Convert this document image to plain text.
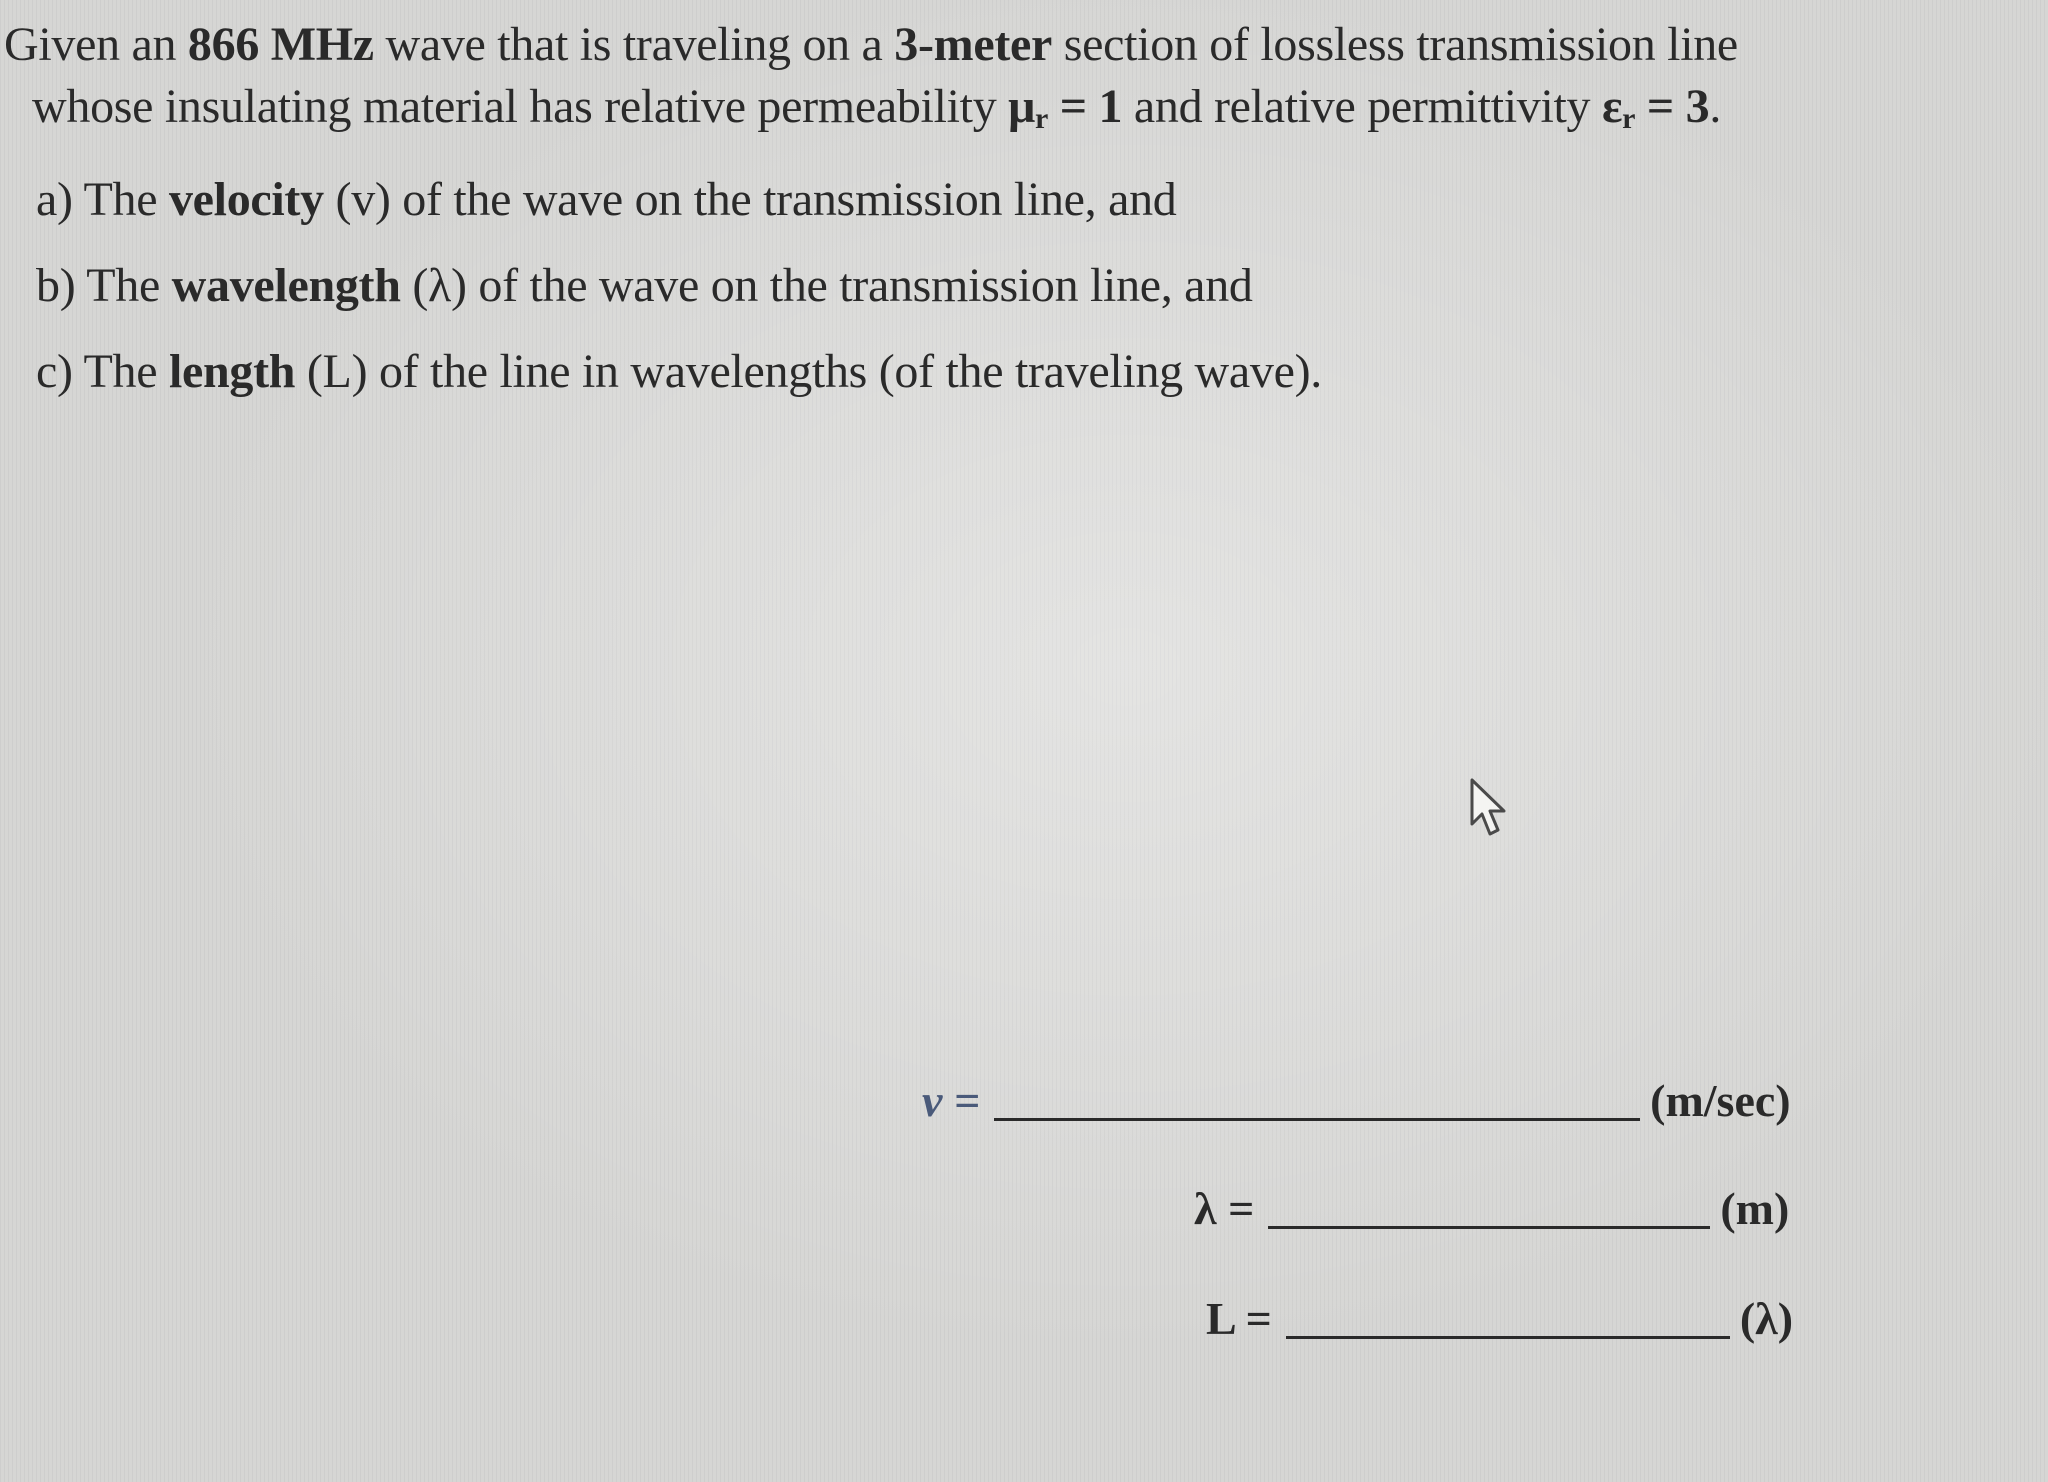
Given an 866 MHz wave that is traveling on a 3-meter section of lossless transmission line
whose insulating material has relative permeability $\mu_r = 1$ and relative permittivity $\varepsilon_r = 3$.
a) The velocity (v) of the wave on the transmission line, and
b) The wavelength (λ) of the wave on the transmission line, and
c) The length (L) of the line in wavelengths (of the traveling wave).
v =	(m/sec)
λ =	(m)
L =	(λ)
